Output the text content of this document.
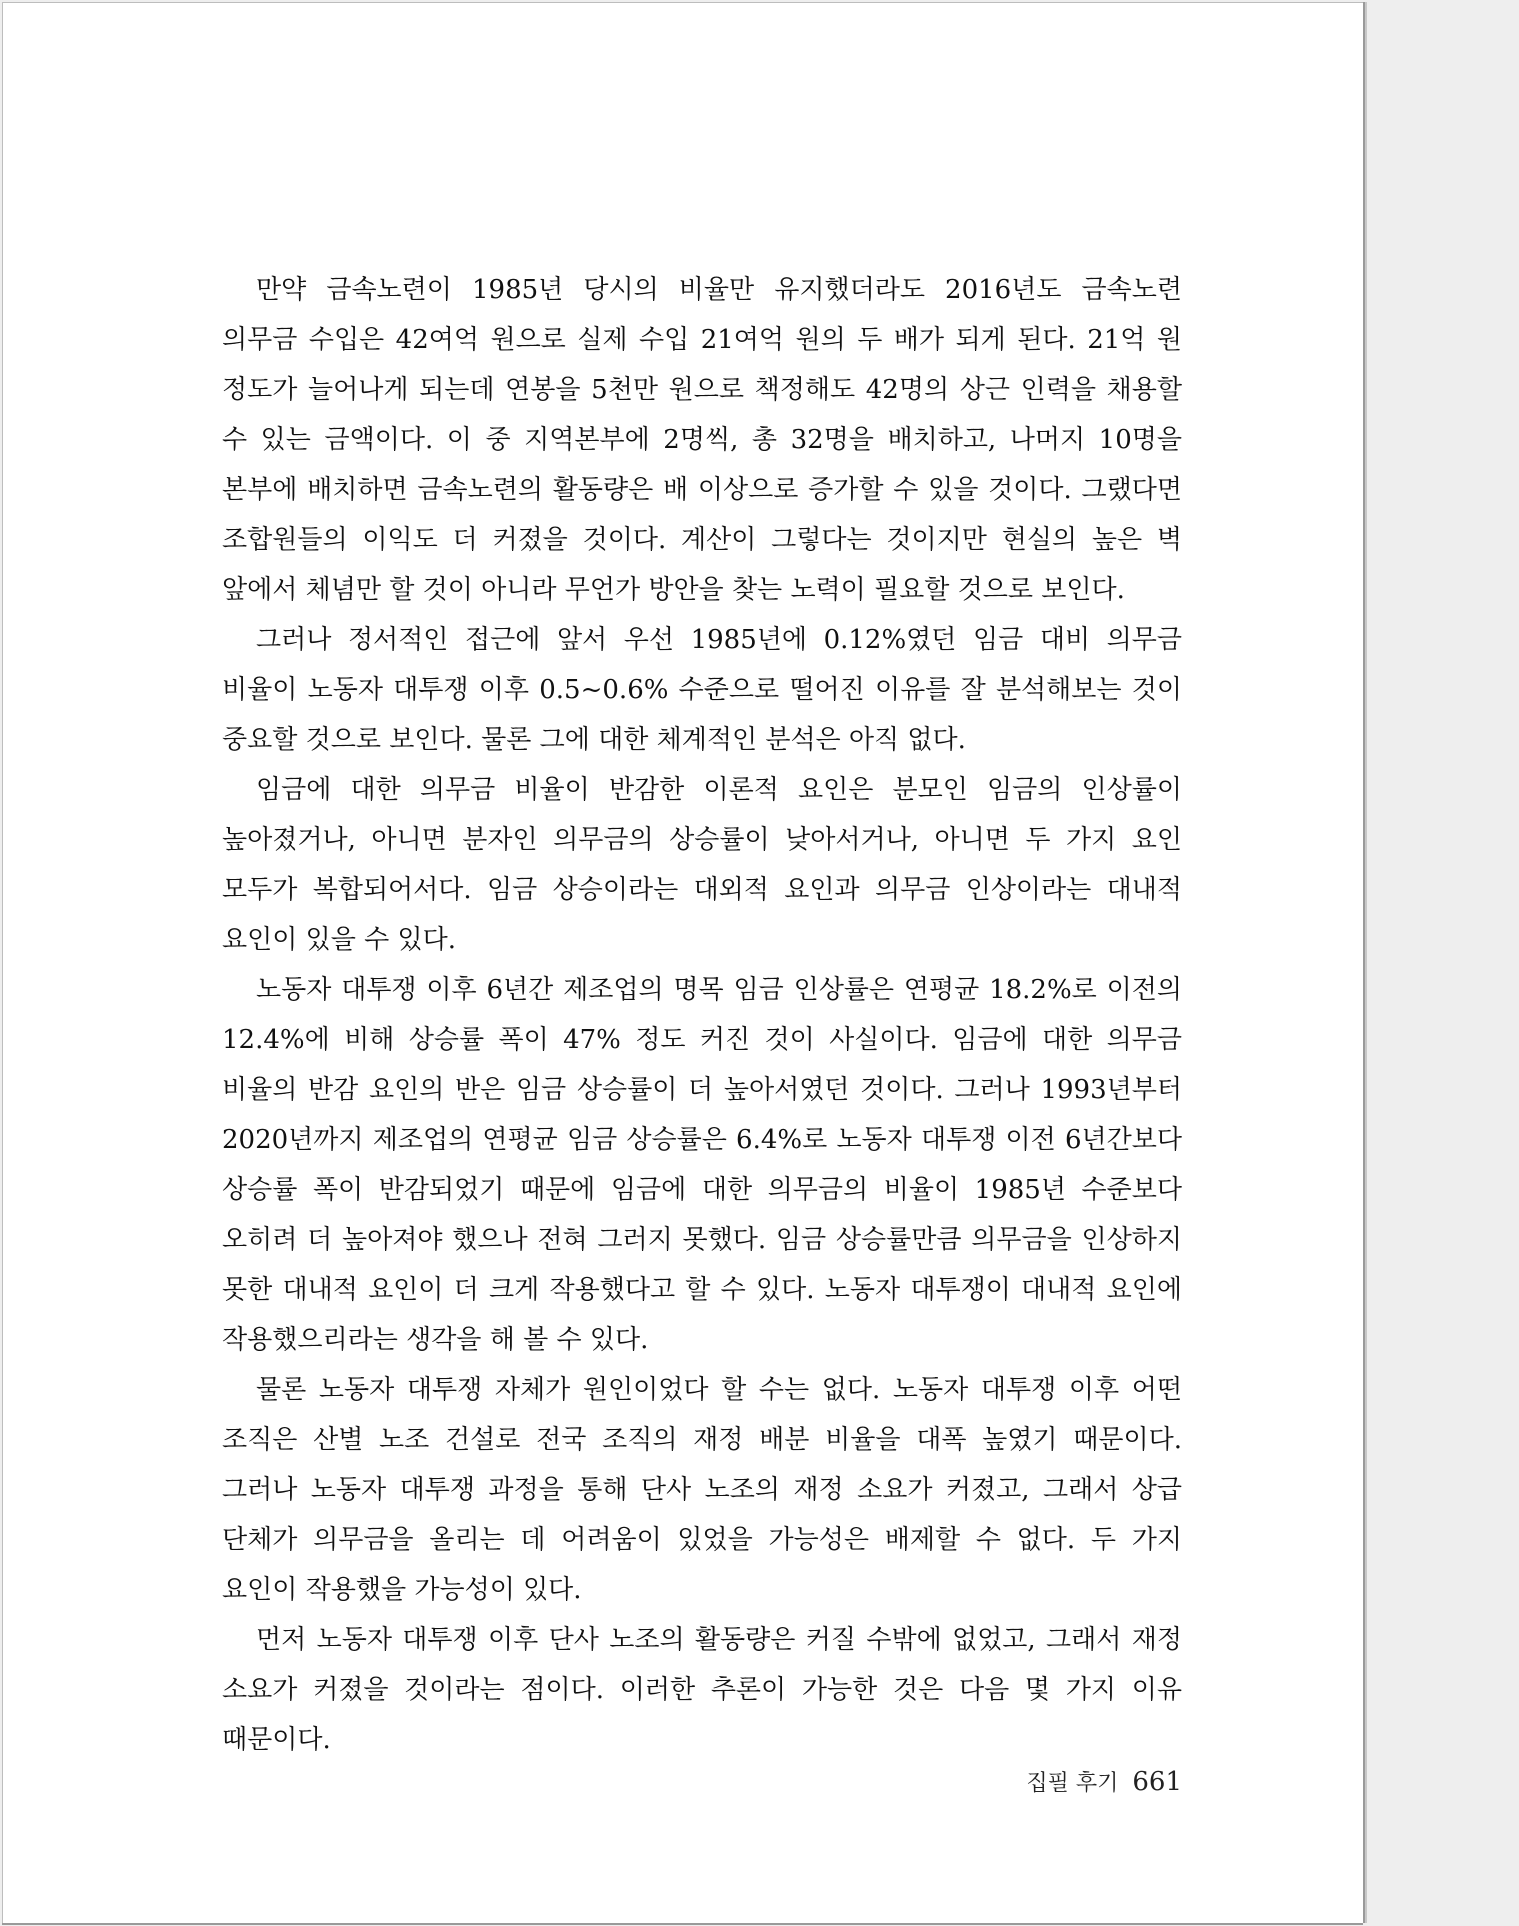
만약 금속노련이 1985년 당시의 비율만 유지했더라도 2016년도 금속노련 의무금 수입은 42여억 원으로 실제 수입 21여억 원의 두 배가 되게 된다. 21억 원 정도가 늘어나게 되는데 연봉을 5천만 원으로 책정해도 42명의 상근 인력을 채용할 수 있는 금액이다. 이 중 지역본부에 2명씩, 총 32명을 배치하고, 나머지 10명을 본부에 배치하면 금속노련의 활동량은 배 이상으로 증가할 수 있을 것이다. 그랬다면 조합원들의 이익도 더 커졌을 것이다. 계산이 그렇다는 것이지만 현실의 높은 벽 앞에서 체념만 할 것이 아니라 무언가 방안을 찾는 노력이 필요할 것으로 보인다.

그러나 정서적인 접근에 앞서 우선 1985년에 0.12%였던 임금 대비 의무금 비율이 노동자 대투쟁 이후 0.5~0.6% 수준으로 떨어진 이유를 잘 분석해보는 것이 중요할 것으로 보인다. 물론 그에 대한 체계적인 분석은 아직 없다.

임금에 대한 의무금 비율이 반감한 이론적 요인은 분모인 임금의 인상률이 높아졌거나, 아니면 분자인 의무금의 상승률이 낮아서거나, 아니면 두 가지 요인 모두가 복합되어서다. 임금 상승이라는 대외적 요인과 의무금 인상이라는 대내적 요인이 있을 수 있다.

노동자 대투쟁 이후 6년간 제조업의 명목 임금 인상률은 연평균 18.2%로 이전의 12.4%에 비해 상승률 폭이 47% 정도 커진 것이 사실이다. 임금에 대한 의무금 비율의 반감 요인의 반은 임금 상승률이 더 높아서였던 것이다. 그러나 1993년부터 2020년까지 제조업의 연평균 임금 상승률은 6.4%로 노동자 대투쟁 이전 6년간보다 상승률 폭이 반감되었기 때문에 임금에 대한 의무금의 비율이 1985년 수준보다 오히려 더 높아져야 했으나 전혀 그러지 못했다. 임금 상승률만큼 의무금을 인상하지 못한 대내적 요인이 더 크게 작용했다고 할 수 있다. 노동자 대투쟁이 대내적 요인에 작용했으리라는 생각을 해 볼 수 있다.

물론 노동자 대투쟁 자체가 원인이었다 할 수는 없다. 노동자 대투쟁 이후 어떤 조직은 산별 노조 건설로 전국 조직의 재정 배분 비율을 대폭 높였기 때문이다. 그러나 노동자 대투쟁 과정을 통해 단사 노조의 재정 소요가 커졌고, 그래서 상급 단체가 의무금을 올리는 데 어려움이 있었을 가능성은 배제할 수 없다. 두 가지 요인이 작용했을 가능성이 있다.

먼저 노동자 대투쟁 이후 단사 노조의 활동량은 커질 수밖에 없었고, 그래서 재정 소요가 커졌을 것이라는 점이다. 이러한 추론이 가능한 것은 다음 몇 가지 이유 때문이다.

집필 후기 661
